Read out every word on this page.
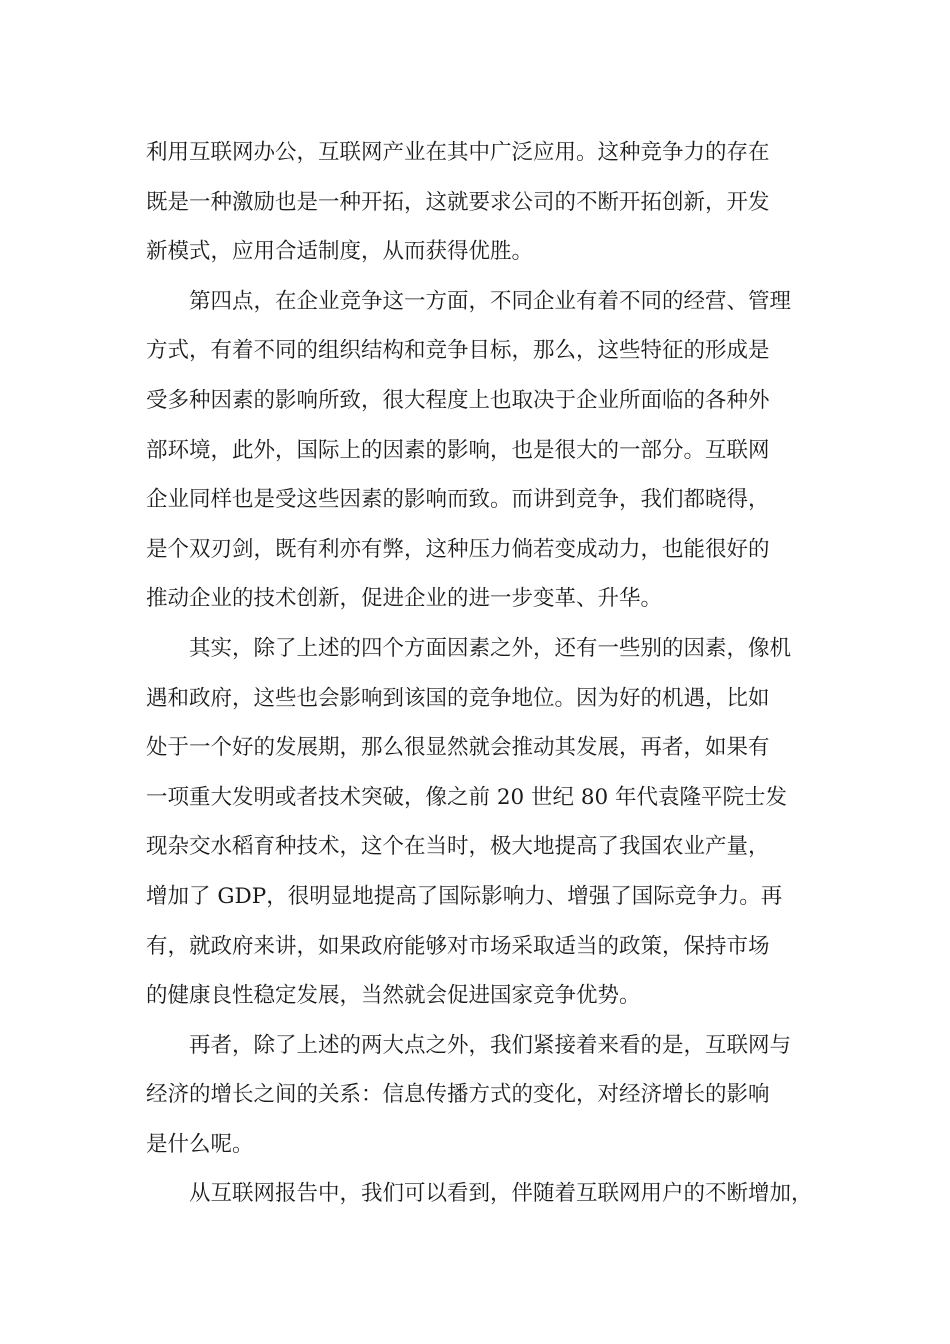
利用互联网办公，互联网产业在其中广泛应用。这种竞争力的存在
既是一种激励也是一种开拓，这就要求公司的不断开拓创新，开发
新模式，应用合适制度，从而获得优胜。
　　第四点，在企业竞争这一方面，不同企业有着不同的经营、管理
方式，有着不同的组织结构和竞争目标，那么，这些特征的形成是
受多种因素的影响所致，很大程度上也取决于企业所面临的各种外
部环境，此外，国际上的因素的影响，也是很大的一部分。互联网
企业同样也是受这些因素的影响而致。而讲到竞争，我们都晓得，
是个双刃剑，既有利亦有弊，这种压力倘若变成动力，也能很好的
推动企业的技术创新，促进企业的进一步变革、升华。
　　其实，除了上述的四个方面因素之外，还有一些别的因素，像机
遇和政府，这些也会影响到该国的竞争地位。因为好的机遇，比如
处于一个好的发展期，那么很显然就会推动其发展，再者，如果有
一项重大发明或者技术突破，像之前 20 世纪 80 年代袁隆平院士发
现杂交水稻育种技术，这个在当时，极大地提高了我国农业产量，
增加了 GDP，很明显地提高了国际影响力、增强了国际竞争力。再
有，就政府来讲，如果政府能够对市场采取适当的政策，保持市场
的健康良性稳定发展，当然就会促进国家竞争优势。
　　再者，除了上述的两大点之外，我们紧接着来看的是，互联网与
经济的增长之间的关系：信息传播方式的变化，对经济增长的影响
是什么呢。
　　从互联网报告中，我们可以看到，伴随着互联网用户的不断增加，
